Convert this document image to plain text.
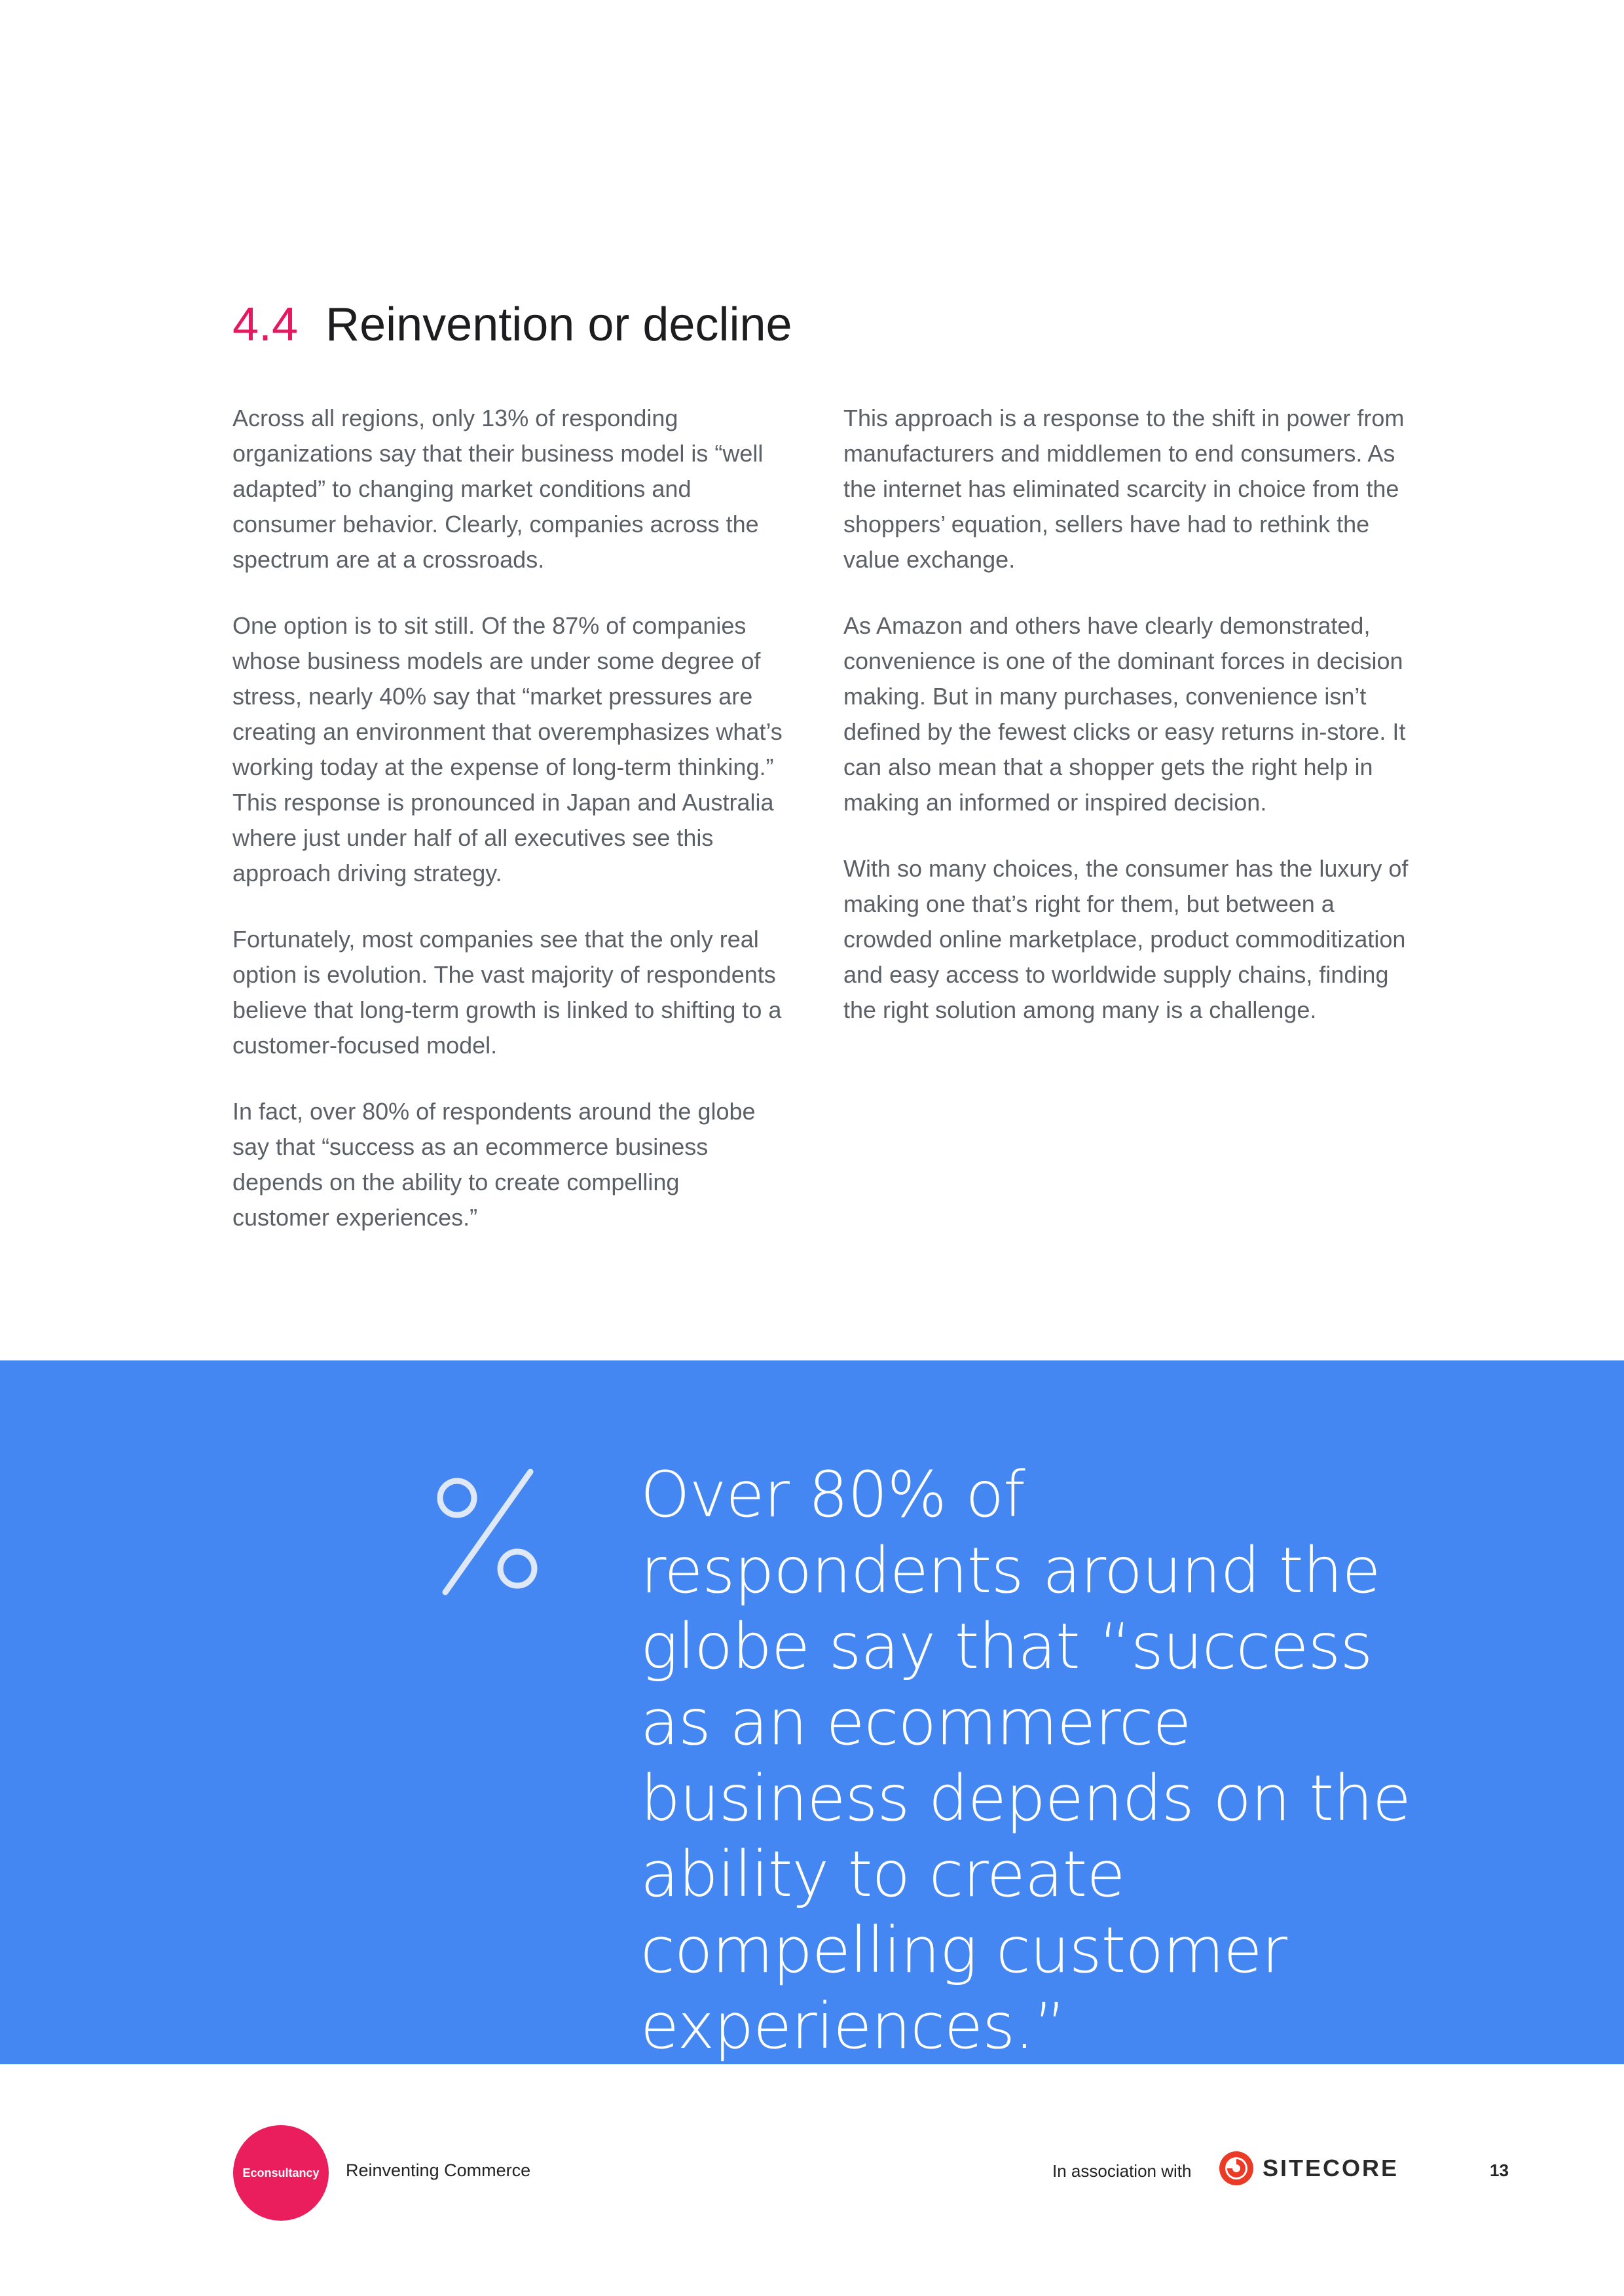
4.4 Reinvention or decline

Across all regions, only 13% of responding organizations say that their business model is “well adapted” to changing market conditions and consumer behavior. Clearly, companies across the spectrum are at a crossroads.

One option is to sit still. Of the 87% of companies whose business models are under some degree of stress, nearly 40% say that “market pressures are creating an environment that overemphasizes what’s working today at the expense of long-term thinking.” This response is pronounced in Japan and Australia where just under half of all executives see this approach driving strategy.

Fortunately, most companies see that the only real option is evolution. The vast majority of respondents believe that long-term growth is linked to shifting to a customer-focused model.

In fact, over 80% of respondents around the globe say that “success as an ecommerce business depends on the ability to create compelling customer experiences.”

This approach is a response to the shift in power from manufacturers and middlemen to end consumers. As the internet has eliminated scarcity in choice from the shoppers’ equation, sellers have had to rethink the value exchange.

As Amazon and others have clearly demonstrated, convenience is one of the dominant forces in decision making. But in many purchases, convenience isn’t defined by the fewest clicks or easy returns in-store. It can also mean that a shopper gets the right help in making an informed or inspired decision.

With so many choices, the consumer has the luxury of making one that’s right for them, but between a crowded online marketplace, product commoditization and easy access to worldwide supply chains, finding the right solution among many is a challenge.

Over 80% of respondents around the globe say that “success as an ecommerce business depends on the ability to create compelling customer experiences.”

Econsultancy Reinventing Commerce	In association with	SITECORE	13
